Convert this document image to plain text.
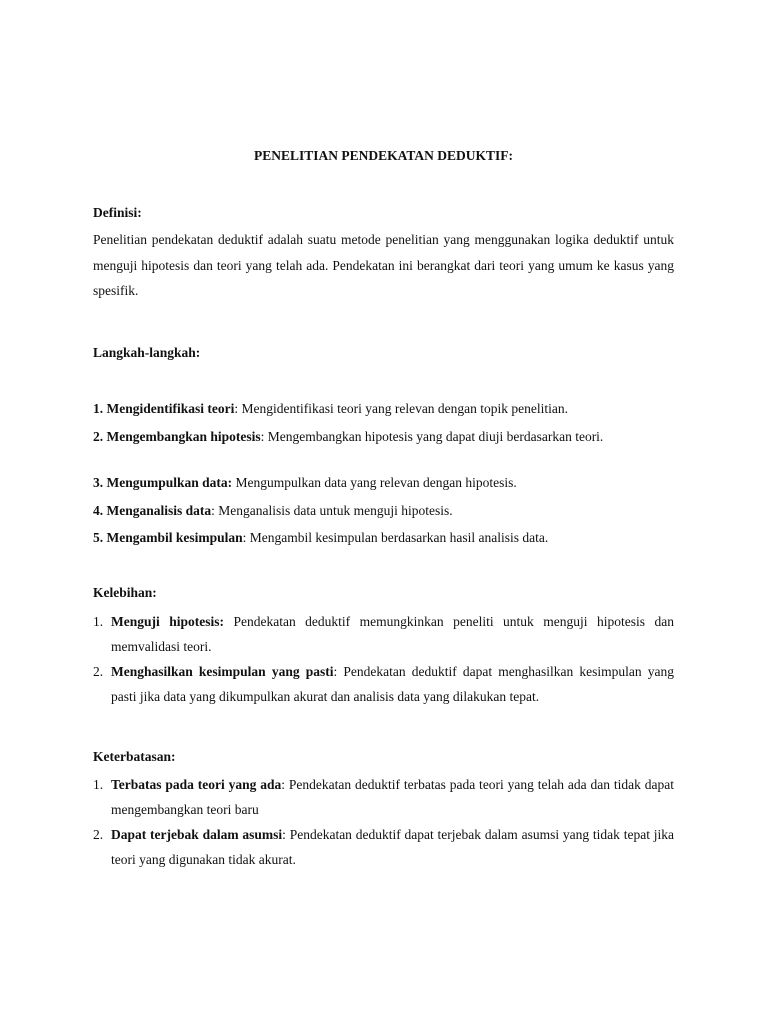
PENELITIAN PENDEKATAN DEDUKTIF:
Definisi:
Penelitian pendekatan deduktif adalah suatu metode penelitian yang menggunakan logika deduktif untuk menguji hipotesis dan teori yang telah ada. Pendekatan ini berangkat dari teori yang umum ke kasus yang spesifik.
Langkah-langkah:
1. Mengidentifikasi teori: Mengidentifikasi teori yang relevan dengan topik penelitian.
2. Mengembangkan hipotesis: Mengembangkan hipotesis yang dapat diuji berdasarkan teori.
3. Mengumpulkan data: Mengumpulkan data yang relevan dengan hipotesis.
4. Menganalisis data: Menganalisis data untuk menguji hipotesis.
5. Mengambil kesimpulan: Mengambil kesimpulan berdasarkan hasil analisis data.
Kelebihan:
1. Menguji hipotesis: Pendekatan deduktif memungkinkan peneliti untuk menguji hipotesis dan memvalidasi teori.
2. Menghasilkan kesimpulan yang pasti: Pendekatan deduktif dapat menghasilkan kesimpulan yang pasti jika data yang dikumpulkan akurat dan analisis data yang dilakukan tepat.
Keterbatasan:
1. Terbatas pada teori yang ada: Pendekatan deduktif terbatas pada teori yang telah ada dan tidak dapat mengembangkan teori baru
2. Dapat terjebak dalam asumsi: Pendekatan deduktif dapat terjebak dalam asumsi yang tidak tepat jika teori yang digunakan tidak akurat.
